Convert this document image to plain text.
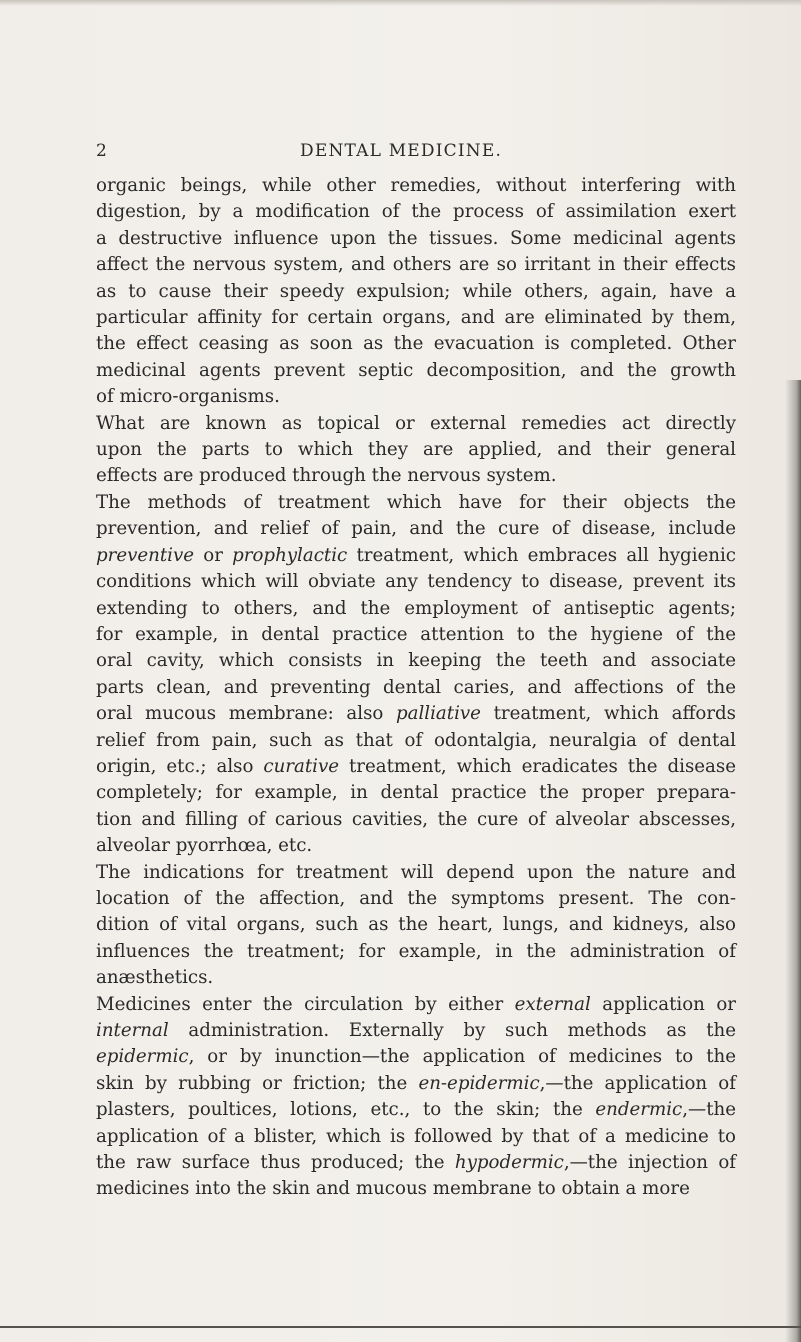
2	DENTAL MEDICINE.

organic beings, while other remedies, without interfering with

digestion, by a modification of the process of assimilation exert

a destructive influence upon the tissues. Some medicinal agents

affect the nervous system, and others are so irritant in their effects

as to cause their speedy expulsion; while others, again, have a

particular affinity for certain organs, and are eliminated by them,

the effect ceasing as soon as the evacuation is completed. Other

medicinal agents prevent septic decomposition, and the growth

of micro-organisms.

What are known as topical or external remedies act directly

upon the parts to which they are applied, and their general

effects are produced through the nervous system.

The methods of treatment which have for their objects the

prevention, and relief of pain, and the cure of disease, include

preventive or prophylactic treatment, which embraces all hygienic

conditions which will obviate any tendency to disease, prevent its

extending to others, and the employment of antiseptic agents;

for example, in dental practice attention to the hygiene of the

oral cavity, which consists in keeping the teeth and associate

parts clean, and preventing dental caries, and affections of the

oral mucous membrane: also palliative treatment, which affords

relief from pain, such as that of odontalgia, neuralgia of dental

origin, etc.; also curative treatment, which eradicates the disease

completely; for example, in dental practice the proper prepara-

tion and filling of carious cavities, the cure of alveolar abscesses,

alveolar pyorrhœa, etc.

The indications for treatment will depend upon the nature and

location of the affection, and the symptoms present. The con-

dition of vital organs, such as the heart, lungs, and kidneys, also

influences the treatment; for example, in the administration of

anæsthetics.

Medicines enter the circulation by either external application or

internal administration. Externally by such methods as the

epidermic, or by inunction—the application of medicines to the

skin by rubbing or friction; the en-epidermic,—the application of

plasters, poultices, lotions, etc., to the skin; the endermic,—the

application of a blister, which is followed by that of a medicine to

the raw surface thus produced; the hypodermic,—the injection of

medicines into the skin and mucous membrane to obtain a more
